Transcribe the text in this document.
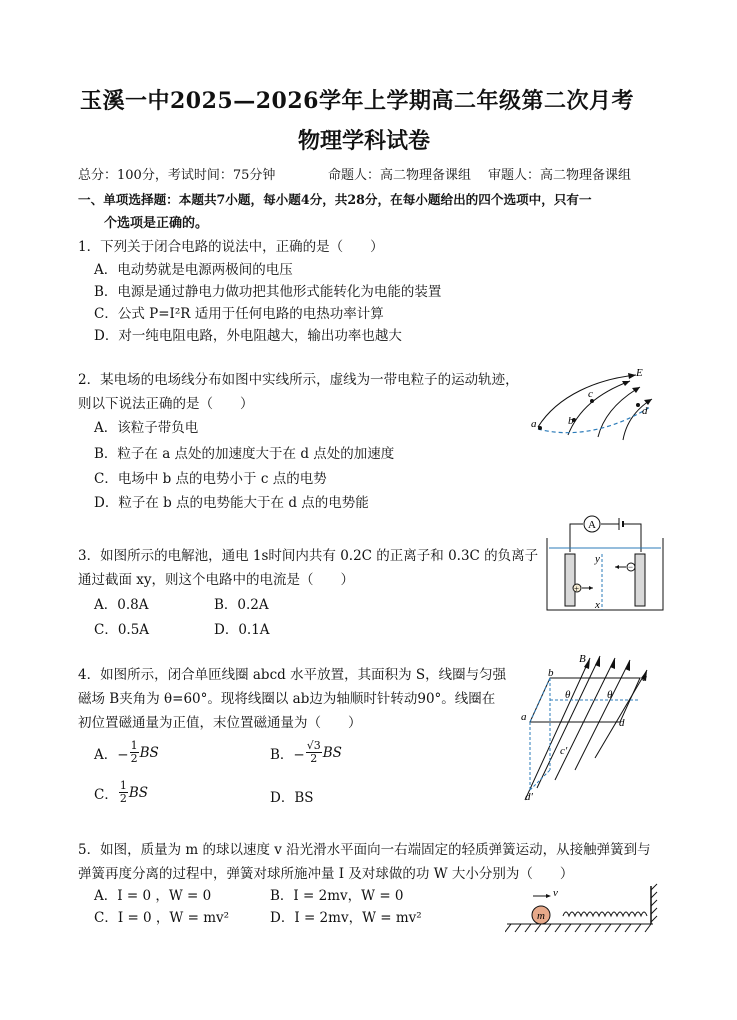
玉溪一中2025—2026学年上学期高二年级第二次月考
物理学科试卷
总分：100分，考试时间：75分钟	命题人：高二物理备课组 审题人：高二物理备课组
一、单项选择题：本题共7小题，每小题4分，共28分，在每小题给出的四个选项中，只有一
个选项是正确的。
1．下列关于闭合电路的说法中，正确的是（　　）
A．电动势就是电源两极间的电压
B．电源是通过静电力做功把其他形式能转化为电能的装置
C．公式 P=I²R 适用于任何电路的电热功率计算
D．对一纯电阻电路，外电阻越大，输出功率也越大
2．某电场的电场线分布如图中实线所示，虚线为一带电粒子的运动轨迹，
则以下说法正确的是（　　）
A．该粒子带负电
B．粒子在 a 点处的加速度大于在 d 点处的加速度
C．电场中 b 点的电势小于 c 点的电势
D．粒子在 b 点的电势能大于在 d 点的电势能
E
a	b
c
d
3．如图所示的电解池，通电 1s时间内共有 0.2C 的正离子和 0.3C 的负离子
通过截面 xy，则这个电路中的电流是（　　）
A．0.8A	B．0.2A
C．0.5A	D．0.1A
A
+
−
y
x
4．如图所示，闭合单匝线圈 abcd 水平放置，其面积为 S，线圈与匀强
磁场 B夹角为 θ=60°。现将线圈以 ab边为轴顺时针转动90°。线圈在
初位置磁通量为正值，末位置磁通量为（　　）
A．− $\frac{1}{2}$ BS	B．− $\frac{√3}{2}$ BS
C． $\frac{1}{2}$ BS	D．BS
B
b	c
a	d
θ	θ
c′
d′
5．如图，质量为 m 的球以速度 v 沿光滑水平面向一右端固定的轻质弹簧运动，从接触弹簧到与
弹簧再度分离的过程中，弹簧对球所施冲量 I 及对球做的功 W 大小分别为（　　）
A．I = 0 ，W = 0	B．I = 2mv，W = 0
C．I = 0 ，W = mv²	D．I = 2mv，W = mv²	m
v
